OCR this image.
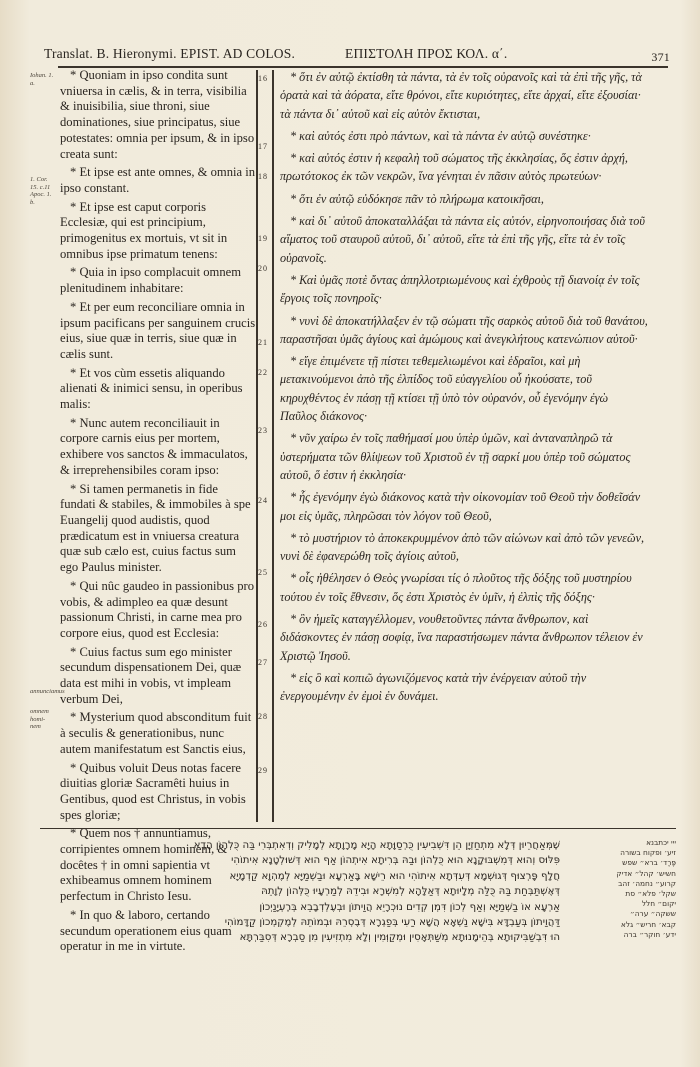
Translat. B. Hieronymi. EPIST. AD COLOS.	ΕΠΙΣΤΟΛΗ ΠΡΟΣ ΚΟΛ. α΄.	371
Iohan. 1. a.
1. Cor. 15. c.11 Apoc. 1. b.
annunciamus
omnem homi- nem
16
17
18
19
20
21
22
23
24
25
26
27
28
29

* Quoniam in ipso condita sunt vniuersa in cælis, & in terra, visibilia & inuisibilia, siue throni, siue dominationes, siue principatus, siue potestates: omnia per ipsum, & in ipso creata sunt:

* Et ipse est ante omnes, & omnia in ipso constant.

* Et ipse est caput corporis Ecclesiæ, qui est principium, primogenitus ex mortuis, vt sit in omnibus ipse primatum tenens:

* Quia in ipso complacuit omnem plenitudinem inhabitare:

* Et per eum reconciliare omnia in ipsum pacificans per sanguinem crucis eius, siue quæ in terris, siue quæ in cælis sunt.

* Et vos cùm essetis aliquando alienati & inimici sensu, in operibus malis:

* Nunc autem reconciliauit in corpore carnis eius per mortem, exhibere vos sanctos & immaculatos, & irreprehensibiles coram ipso:

* Si tamen permanetis in fide fundati & stabiles, & immobiles à spe Euangelij quod audistis, quod prædicatum est in vniuersa creatura quæ sub cælo est, cuius factus sum ego Paulus minister.

* Qui nûc gaudeo in passionibus pro vobis, & adimpleo ea quæ desunt passionum Christi, in carne mea pro corpore eius, quod est Ecclesia:

* Cuius factus sum ego minister secundum dispensationem Dei, quæ data est mihi in vobis, vt impleam verbum Dei,

* Mysterium quod absconditum fuit à seculis & generationibus, nunc autem manifestatum est Sanctis eius,

* Quibus voluit Deus notas facere diuitias gloriæ Sacramêti huius in Gentibus, quod est Christus, in vobis spes gloriæ;

* Quem nos † annuntiamus, corripientes omnem hominem, & docêtes † in omni sapientia vt exhibeamus omnem hominem perfectum in Christo Iesu.

* In quo & laboro, certando secundum operationem eius quam operatur in me in virtute.

* ὅτι ἐν αὐτῷ ἐκτίσθη τὰ πάντα, τὰ ἐν τοῖς οὐρανοῖς καὶ τὰ ἐπὶ τῆς γῆς, τὰ ὁρατὰ καὶ τὰ ἀόρατα, εἴτε θρόνοι, εἴτε κυριότητες, εἴτε ἀρχαί, εἴτε ἐξουσίαι· τὰ πάντα δι᾽ αὐτοῦ καὶ εἰς αὐτὸν ἔκτισται,

* καὶ αὐτός ἐστι πρὸ πάντων, καὶ τὰ πάντα ἐν αὐτῷ συνέστηκε·

* καὶ αὐτός ἐστιν ἡ κεφαλὴ τοῦ σώματος τῆς ἐκκλησίας, ὅς ἐστιν ἀρχή, πρωτότοκος ἐκ τῶν νεκρῶν, ἵνα γένηται ἐν πᾶσιν αὐτὸς πρωτεύων·

* ὅτι ἐν αὐτῷ εὐδόκησε πᾶν τὸ πλήρωμα κατοικῆσαι,

* καὶ δι᾽ αὐτοῦ ἀποκαταλλάξαι τὰ πάντα εἰς αὐτόν, εἰρηνοποιήσας διὰ τοῦ αἵματος τοῦ σταυροῦ αὐτοῦ, δι᾽ αὐτοῦ, εἴτε τὰ ἐπὶ τῆς γῆς, εἴτε τὰ ἐν τοῖς οὐρανοῖς.

* Καὶ ὑμᾶς ποτὲ ὄντας ἀπηλλοτριωμένους καὶ ἐχθροὺς τῇ διανοίᾳ ἐν τοῖς ἔργοις τοῖς πονηροῖς·

* νυνὶ δὲ ἀποκατήλλαξεν ἐν τῷ σώματι τῆς σαρκὸς αὐτοῦ διὰ τοῦ θανάτου, παραστῆσαι ὑμᾶς ἁγίους καὶ ἀμώμους καὶ ἀνεγκλήτους κατενώπιον αὐτοῦ·

* εἴγε ἐπιμένετε τῇ πίστει τεθεμελιωμένοι καὶ ἑδραῖοι, καὶ μὴ μετακινούμενοι ἀπὸ τῆς ἐλπίδος τοῦ εὐαγγελίου οὗ ἠκούσατε, τοῦ κηρυχθέντος ἐν πάσῃ τῇ κτίσει τῇ ὑπὸ τὸν οὐρανόν, οὗ ἐγενόμην ἐγὼ Παῦλος διάκονος·

* νῦν χαίρω ἐν τοῖς παθήμασί μου ὑπὲρ ὑμῶν, καὶ ἀνταναπληρῶ τὰ ὑστερήματα τῶν θλίψεων τοῦ Χριστοῦ ἐν τῇ σαρκί μου ὑπὲρ τοῦ σώματος αὐτοῦ, ὅ ἐστιν ἡ ἐκκλησία·

* ἧς ἐγενόμην ἐγὼ διάκονος κατὰ τὴν οἰκονομίαν τοῦ Θεοῦ τὴν δοθεῖσάν μοι εἰς ὑμᾶς, πληρῶσαι τὸν λόγον τοῦ Θεοῦ,

* τὸ μυστήριον τὸ ἀποκεκρυμμένον ἀπὸ τῶν αἰώνων καὶ ἀπὸ τῶν γενεῶν, νυνὶ δὲ ἐφανερώθη τοῖς ἁγίοις αὐτοῦ,

* οἷς ἠθέλησεν ὁ Θεὸς γνωρίσαι τίς ὁ πλοῦτος τῆς δόξης τοῦ μυστηρίου τούτου ἐν τοῖς ἔθνεσιν, ὅς ἐστι Χριστὸς ἐν ὑμῖν, ἡ ἐλπὶς τῆς δόξης·

* ὃν ἡμεῖς καταγγέλλομεν, νουθετοῦντες πάντα ἄνθρωπον, καὶ διδάσκοντες ἐν πάσῃ σοφίᾳ, ἵνα παραστήσωμεν πάντα ἄνθρωπον τέλειον ἐν Χριστῷ Ἰησοῦ.

* εἰς ὃ καὶ κοπιῶ ἀγωνιζόμενος κατὰ τὴν ἐνέργειαν αὐτοῦ τὴν ἐνεργουμένην ἐν ἐμοὶ ἐν δυνάμει.

שֶׁמְּאַחֲרֵיוּן דְּלָא מִתְחַזְיָן הֵן דִּשְׁבִיעִין כֻּרְסַוָּתָא הָיָא מָרָוָתָא לְמָלִיק וְדְאִתְבְּרִי בַּה כֻּלְהוֹן הָדָא

פִּלּוּס וְהוּא דְּמִשְׁבּוּקָנָא הוּא כֻּלְהוֹן וּבַהּ בְּרִיתָא אִיתְהוֹן אַף הוּא דְּשׁוּלְטָנָא אִיתוֹהִי

חֲלָף פָּרְצוּף דְּגוּשְׁמָא דְּעִדְּתָא אִיתוֹהִי הוּא רֵישָׁא בָּאַרְעָא וּבַשְׁמַיָּא לְמֶהְוָא קַדְמָיָא

דְּאֶשְׁתַּבְּחַת בַּהּ כֻּלַּה מְלָיוּתָא דְּאַלָּהָא לְמִשְׁרָא וּבִידֵהּ לְמַרְעָיוּ כֻּלְּהוֹן לְוָתֵהּ

אַרְעָא אוֹ בַשְׁמַיָּא וְאַף לְכוֹן דִּמְן קְדִים נוּכְרָיֵא הֲוַיתוֹן וּבְעֶלְדְבָבֵא בְּרֶעְיָנַיְכוֹן

דַּהֲוַיתוֹן בְּעַבְדָּא בִּישָׁא נַשְׁאָא הֲשָׁא רַעִי בְּפַגְרָא דְּבֶסְרֵהּ וּבְמוֹתֵהּ לְמֶקְמְכוֹן קַדָּמוֹהִי

הוּ דִּבְשַׁבִּיקוּתָא בְּהֵימָנוּתָא מְשַׁתְּאָסִין וּמְקַוְּמִין וְלָא מִתְזִיעִין מִן סַבְרָא דְּסִבַּרְתָּא

ייי יכתבנא
זיע׳ ופקוח בשורה
פֶּרֶד׳ ברא״ שפש
חשיש׳ קהל״ אדיק
קרוע״ נחמה׳ זהב
שקל׳ פלא״ סת
יקום״ חלל
ששקה״ ערה״
קבא׳ חריש״ גלא
ידע׳ חוקר״ ברה
